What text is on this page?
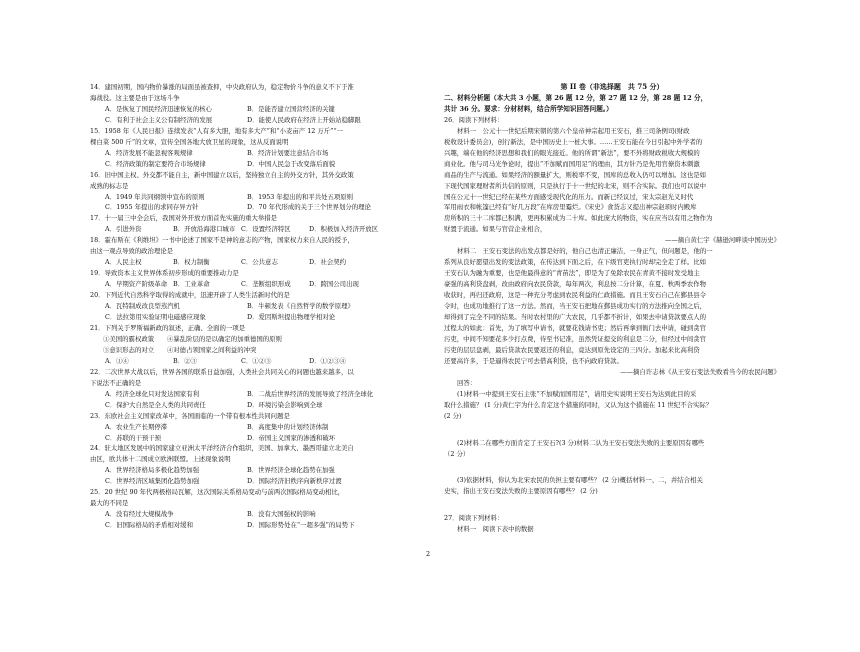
14．建国初期，国内物价暴涨的局面虽被查抑，中央政府认为，稳定物价斗争的意义不下于淮
海战役。这主要是由于这场斗争
A．是恢复了国民经济迅速恢复的核心	B．是能否建立国营经济的关键
C．有利于社会主义公有制经济的发展	D．能使人民政府在经济上开始站稳脚跟
15．1958 年《人民日报》连续发表“人有多大胆，地有多大产”和“小麦亩产 12 万斤”“一
棵白菜 500 斤”的文章，宣传全国各地大放卫星的现象，这从反面说明
A．经济发展不能忽视客观规律	B．经济计划要注意结合市场
C．经济政策的制定要符合市场规律	D．中国人民急于改变落后面貌
16．旧中国主权、外交都不能自主，新中国建立以后，坚持独立自主的外交方针，其外交政策
成熟的标志是
A．1949 年共同纲领中宣布的原则	B．1953 年提出的和平共处五项原则
C．1955 年提出的求同存异方针	D．70 年代形成的关于三个世界划分的理论
17．十一届三中全会后，我国对外开放方面首先实施的重大举措是
A．引进外资	B．开放沿海港口城市 C．设置经济特区	D．积极加入经济开放区
18．霍布斯在《利维坦》一书中论述了国家不是神的意志的产物，国家权力来自人民的授予，
由这一观点导致的政治理论是
A．人民主权	B．权力制衡	C．公共意志	D．社会契约
19．导致资本主义世界体系初步形成的重要推动力是
A．早期资产阶级革命 B．工业革命	C．垄断组织形成	D．跨国公司出现
20．下列近代自然科学取得的成就中，迅速开辟了人类生活新时代的是
A．瓦特制成改良型蒸汽机	B．牛顿发表《自然哲学的数学原理》
C．法拉第用实验证明电磁感应现象	D．爱因斯坦提出物理学相对论
21．下列关于罗斯福新政的叙述，正确、全面的一项是
①美国的霸权政策　　④暴乱阶层的是以确定的加重德国的原则
③意识形态的对立　　④对德占领国家之间利益的冲突
A．①④	B．②③	C．①②③	D．①②③④
22．二次世界大战以后，世界各国的联系日益加强，人类社会共同关心的问题也越来越多，以
下说法不正确的是
A．经济全球化只对发达国家有利	B．二战后世界经济的发展导致了经济全球化
C．保护大自然是全人类的共同责任	D．环境污染会影响到全球
23．东欧社会主义国家改革中，各国面临的一个带有根本性共同问题是
A．农业生产长期停滞	B．高度集中的计划经济体制
C．苏联的干预干预	D．帝国主义国家的渗透和破坏
24．驻太地区发展中的国家建立亚洲太平洋经济合作组织，美国、加拿大、墨西哥建立北美自
由区，欧共体十二国成立欧洲联盟。上述现象说明
A．世界经济格局多极化趋势加强	B．世界经济全球化趋势在加强
C．世界经济区域集团化趋势加强	D．国际经济旧秩序向新秩序过渡
25．20 世纪 90 年代两极格局瓦解，这次国际关系格局变动与前两次国际格局变动相比，
最大的不同是
A．没有经过大规模战争	B．没有大国强权的影响
C．旧国际格局的矛盾相对缓和	D．国际形势处在“一超多强”的局势下
第 II 卷（非选择题　共 75 分）
二、材料分析题（本大共 3 小题，第 26 题 12 分，第 27 题 12 分，第 28 题 12 分，
共计 36 分。要求：分材材料，结合所学知识回答问题。）
26．阅读下列材料：
材料一　公元十一世纪后期宋朝的第六个皇帝神宗起用王安石，推三司条例司(财政
税收设计委员会)，创行新法，是中国历史上一桩大事。……王安石能在今日引起中外学者的
兴趣，端在他的经济思想和我们的眼光接近。他的所谓“新法”，要不外将财政税收大规模的
商业化。他与司马光争论时，提出“不加赋而国用足”的理由，其方针乃是先用官僚资本刺激
商品的生产与流通。如果经济的额量扩大，则税率不变，国库的总收入仍可以增加。这也是如
下现代国家理财者所共信的原则，只是执行于十一世纪的北宋，则不合实际。我们也可以说中
国在公元十一世纪已经在某些方面感受现代化的压力。而新已经议过，宋太宗赵光义时代
军用雨衣和帐篷已经有“好几万段”在库房里霉烂。《宋史》食货志又提出神宗赵顼时内殿库
房所积的三十二库都已积满，更再积累成为二十库。如此庞大的物资，实在应当以有用之物作为
财置于流通。如果与官营企业相合，
——摘自黄仁宇《赫逊河畔谈中国历史》
材料二　王安石变法的出发点都是好的，他自己也清正廉洁，一身正气，但问题是，他的一
系列从良好愿望出发的变法政策，在传达到下面之后，在下级官吏执行时却完全走了样。比如
王安石认为融为重要，也是他最得意的“青苗法”，即是为了免除农民在青黄不接时发受地主
豪强的高利贷盘剥，改由政府向农民贷款，每年两次，利息按二分计算，在夏、秋两季农作物
收获时，再归还政府，这是一种充分考虑到农民利益的仁政措施。而且王安石自己在鄞县县令
令时，也成功地推行了这一方法。然而，当王安石把地在鄞县成功实行的方法推向全国之后，
却得到了完全不同的结果。当时农村里的广大农民，几乎都不折计，如果去申请贷款要点人的
过程太的如此：首先，为了填写申请书，就要花钱请书吏；然后再拿到衙门去申请，碰到贪官
污吏，中间不知要花多少打点费，待至书记准，虽然凭证提交的利息是二分，但经过中间贪官
污吏的层层盘剥，最后贷款农民要返还的利息，竟达到原先设定的三四分。加起来比高利贷
还要高许多，于是逼得农民宁可去借高利贷，也不向政府贷款。
——摘自许志林《从王安石变法失败看当今的农民问题》
回答：
(1)材料一中提到王安石主张“不加赋而国用足”，请用史实说明王安石为达到此目的采
取什么措施？ (1 分)黄仁宇为什么肯定这个措施的同时，又认为这个措施在 11 世纪不合实际？
(2 分)
(2)材料二在哪些方面肯定了王安石?(3 分)材料二认为王安石变法失败的主要原因有哪些
（2 分）
(3)依据材料，你认为北宋农民的负担主要有哪些？ (2 分)概括材料一、二，并结合相关
史实，指出王安石变法失败的主要原因有哪些？ (2 分)
27．阅读下列材料：
材料一　阅读下表中的数据
2
